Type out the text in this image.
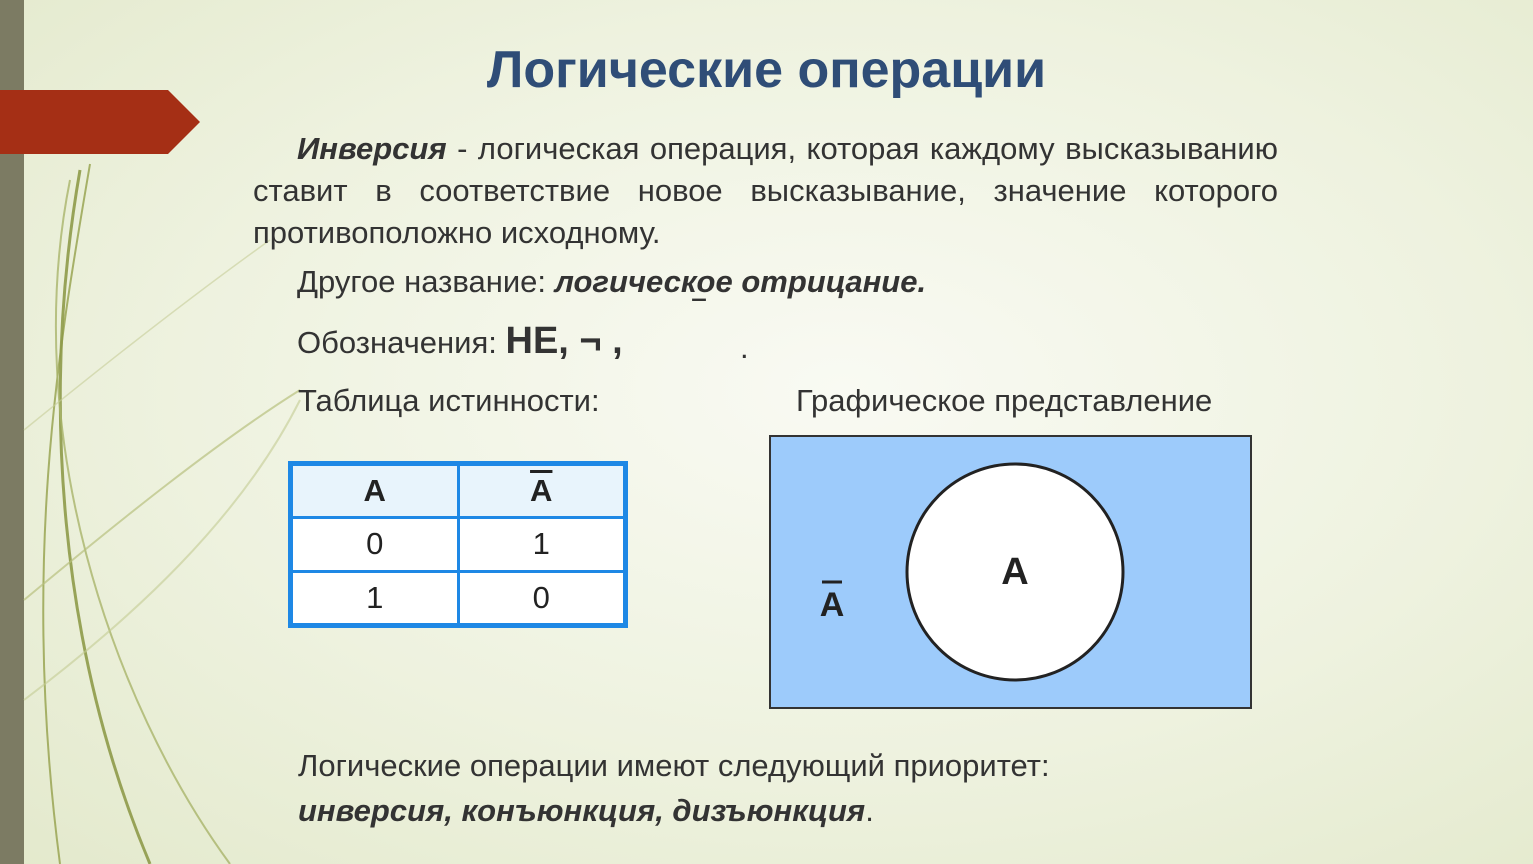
Логические операции
Инверсия - логическая операция, которая каждому высказыванию ставит в соответствие новое высказывание, значение которого противоположно исходному.
Другое название: логическое отрицание.
Обозначения: НЕ, ¬ ,
‾
.
Таблица истинности:	Графическое представление
A	$\overline{A}$
0	1
1	0
A
A
Логические операции имеют следующий приоритет:
инверсия, конъюнкция, дизъюнкция.
